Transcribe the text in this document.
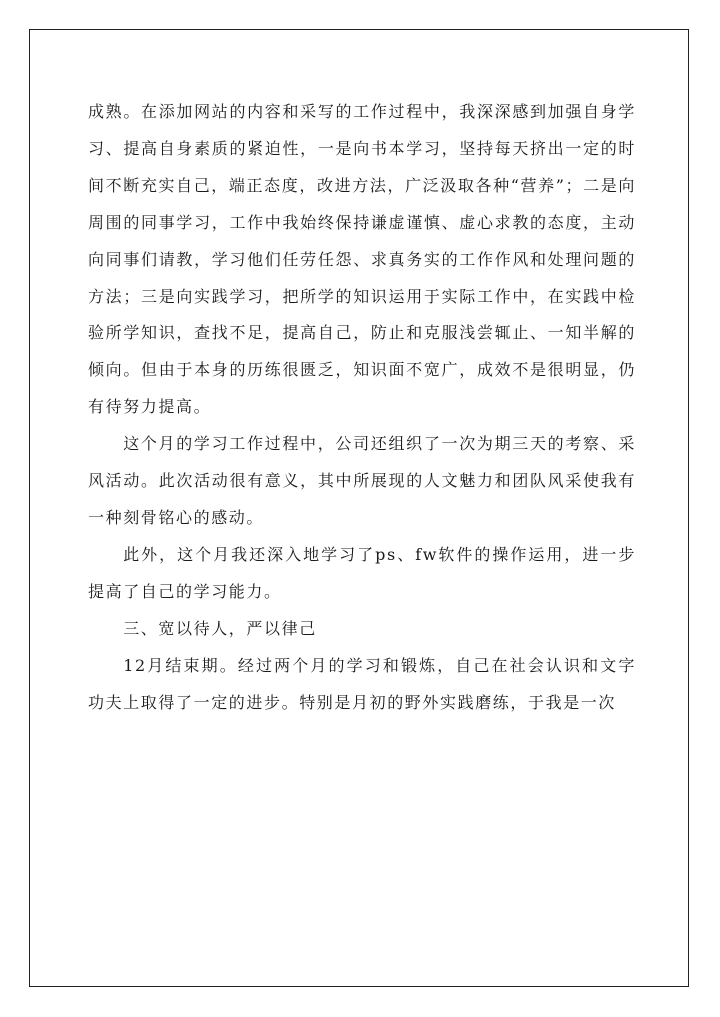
成熟。在添加网站的内容和采写的工作过程中，我深深感到加强自身学习、提高自身素质的紧迫性，一是向书本学习，坚持每天挤出一定的时间不断充实自己，端正态度，改进方法，广泛汲取各种“营养”；二是向周围的同事学习，工作中我始终保持谦虚谨慎、虚心求教的态度，主动向同事们请教，学习他们任劳任怨、求真务实的工作作风和处理问题的方法；三是向实践学习，把所学的知识运用于实际工作中，在实践中检验所学知识，查找不足，提高自己，防止和克服浅尝辄止、一知半解的倾向。但由于本身的历练很匮乏，知识面不宽广，成效不是很明显，仍有待努力提高。

这个月的学习工作过程中，公司还组织了一次为期三天的考察、采风活动。此次活动很有意义，其中所展现的人文魅力和团队风采使我有一种刻骨铭心的感动。

此外，这个月我还深入地学习了ps、fw软件的操作运用，进一步提高了自己的学习能力。

三、宽以待人，严以律己

12月结束期。经过两个月的学习和锻炼，自己在社会认识和文字功夫上取得了一定的进步。特别是月初的野外实践磨练，于我是一次
